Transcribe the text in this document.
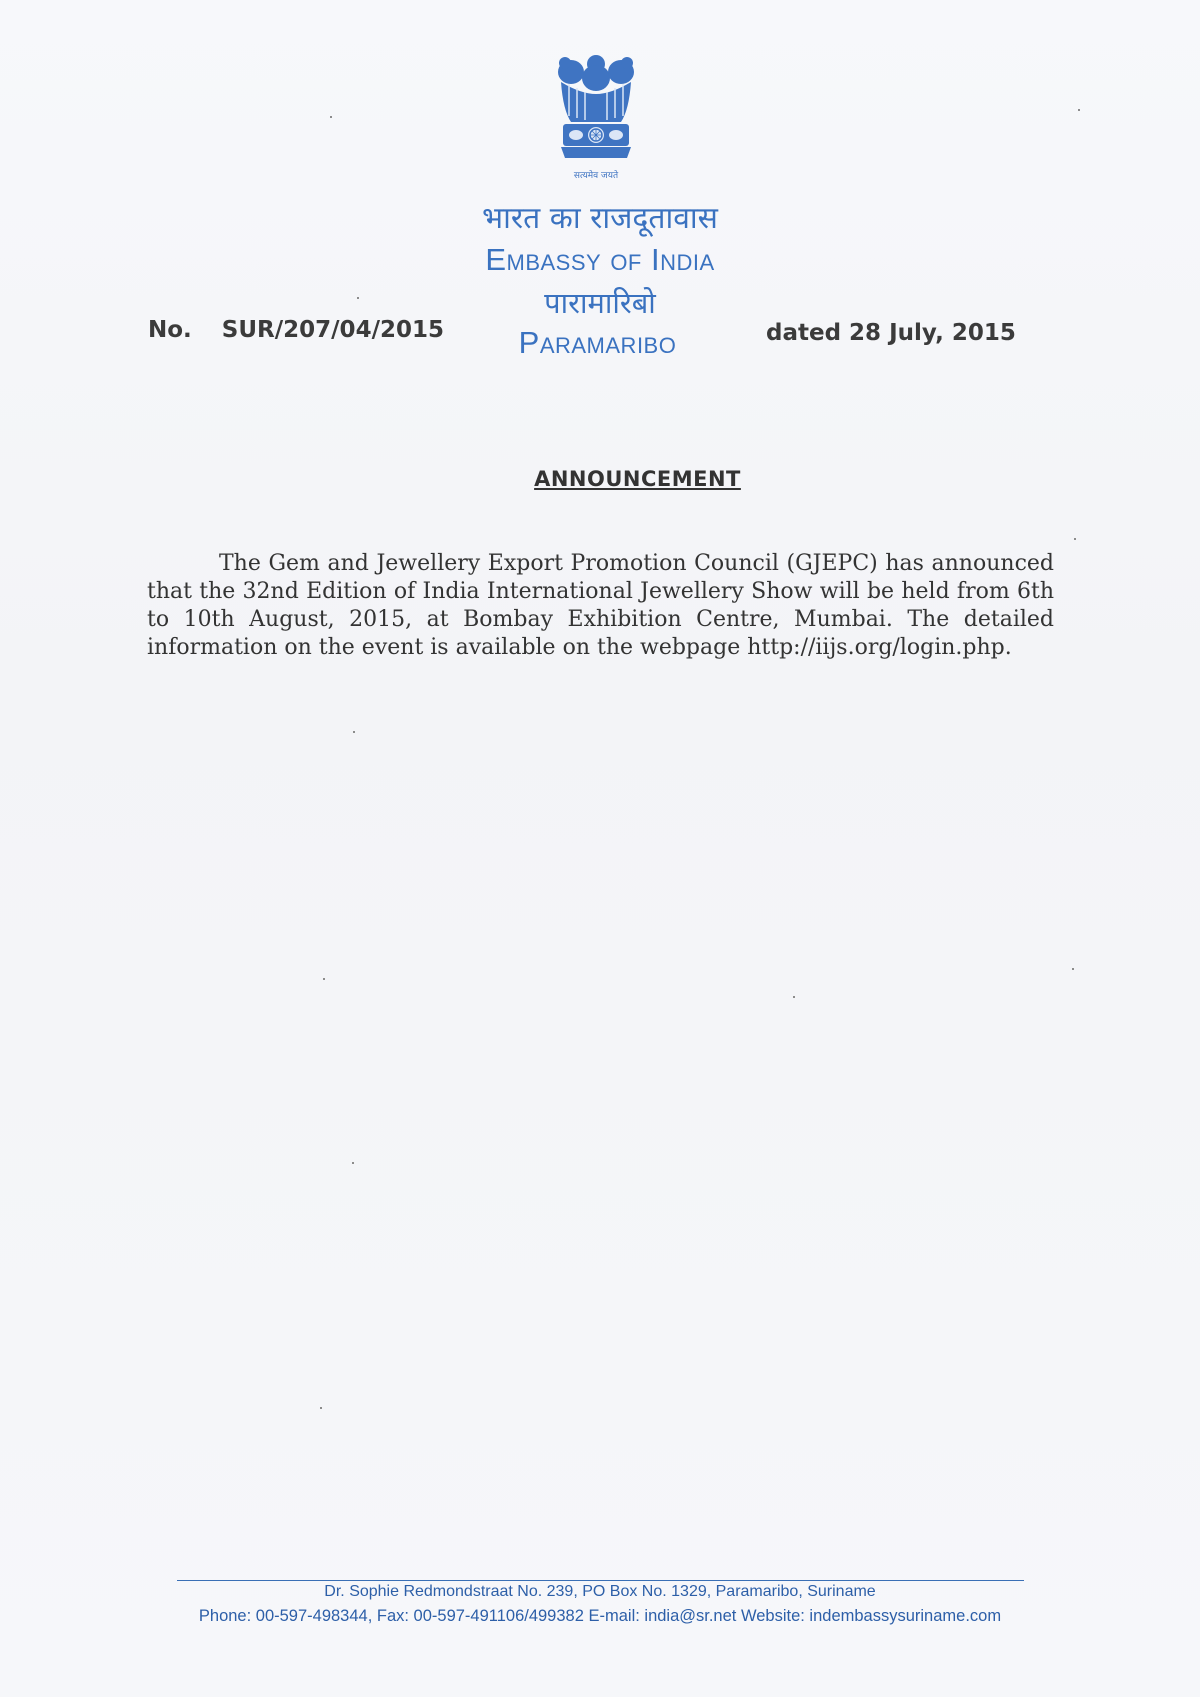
सत्यमेव जयते
भारत का राजदूतावास
Embassy of India
पारामारिबो
Paramaribo
No. SUR/207/04/2015	dated 28 July, 2015
ANNOUNCEMENT
The Gem and Jewellery Export Promotion Council (GJEPC) has announced that the 32nd Edition of India International Jewellery Show will be held from 6th to 10th August, 2015, at Bombay Exhibition Centre, Mumbai. The detailed information on the event is available on the webpage http://iijs.org/login.php.
Dr. Sophie Redmondstraat No. 239, PO Box No. 1329, Paramaribo, Suriname
Phone: 00-597-498344, Fax: 00-597-491106/499382 E-mail: india@sr.net Website: indembassysuriname.com
